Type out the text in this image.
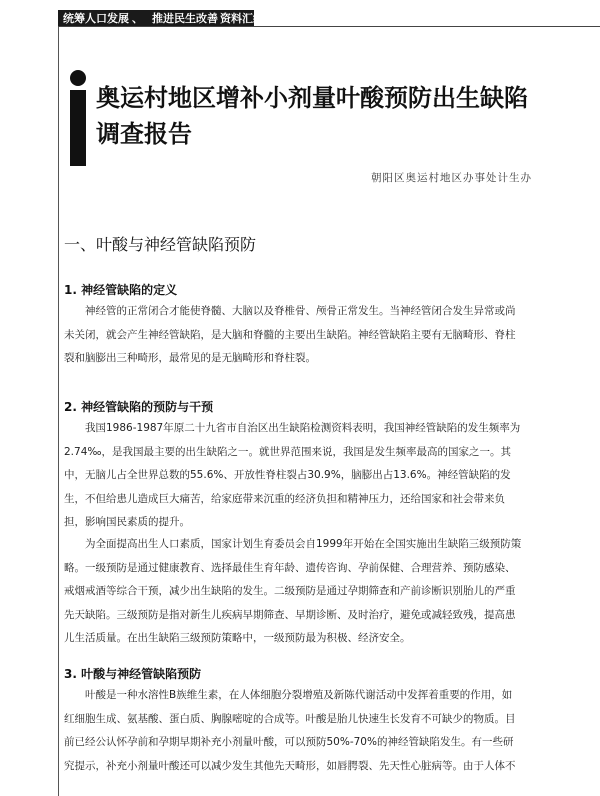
统筹人口发展 、 推进民生改善 资料汇编
奥运村地区增补小剂量叶酸预防出生缺陷调查报告
朝阳区奥运村地区办事处计生办
一、叶酸与神经管缺陷预防
1. 神经管缺陷的定义

神经管的正常闭合才能使脊髓、大脑以及脊椎骨、颅骨正常发生。当神经管闭合发生异常或尚未关闭，就会产生神经管缺陷，是大脑和脊髓的主要出生缺陷。神经管缺陷主要有无脑畸形、脊柱裂和脑膨出三种畸形，最常见的是无脑畸形和脊柱裂。

2. 神经管缺陷的预防与干预

我国1986-1987年原二十九省市自治区出生缺陷检测资料表明，我国神经管缺陷的发生频率为2.74‰，是我国最主要的出生缺陷之一。就世界范围来说，我国是发生频率最高的国家之一。其中，无脑儿占全世界总数的55.6%、开放性脊柱裂占30.9%，脑膨出占13.6%。神经管缺陷的发生，不但给患儿造成巨大痛苦，给家庭带来沉重的经济负担和精神压力，还给国家和社会带来负担，影响国民素质的提升。

为全面提高出生人口素质，国家计划生育委员会自1999年开始在全国实施出生缺陷三级预防策略。一级预防是通过健康教育、选择最佳生育年龄、遗传咨询、孕前保健、合理营养、预防感染、戒烟戒酒等综合干预，减少出生缺陷的发生。二级预防是通过孕期筛查和产前诊断识别胎儿的严重先天缺陷。三级预防是指对新生儿疾病早期筛查、早期诊断、及时治疗，避免或减轻致残，提高患儿生活质量。在出生缺陷三级预防策略中，一级预防最为积极、经济安全。

3. 叶酸与神经管缺陷预防

叶酸是一种水溶性B族维生素，在人体细胞分裂增殖及新陈代谢活动中发挥着重要的作用，如红细胞生成、氨基酸、蛋白质、胸腺嘧啶的合成等。叶酸是胎儿快速生长发育不可缺少的物质。目前已经公认怀孕前和孕期早期补充小剂量叶酸，可以预防50%-70%的神经管缺陷发生。有一些研究提示，补充小剂量叶酸还可以减少发生其他先天畸形，如唇腭裂、先天性心脏病等。由于人体不
